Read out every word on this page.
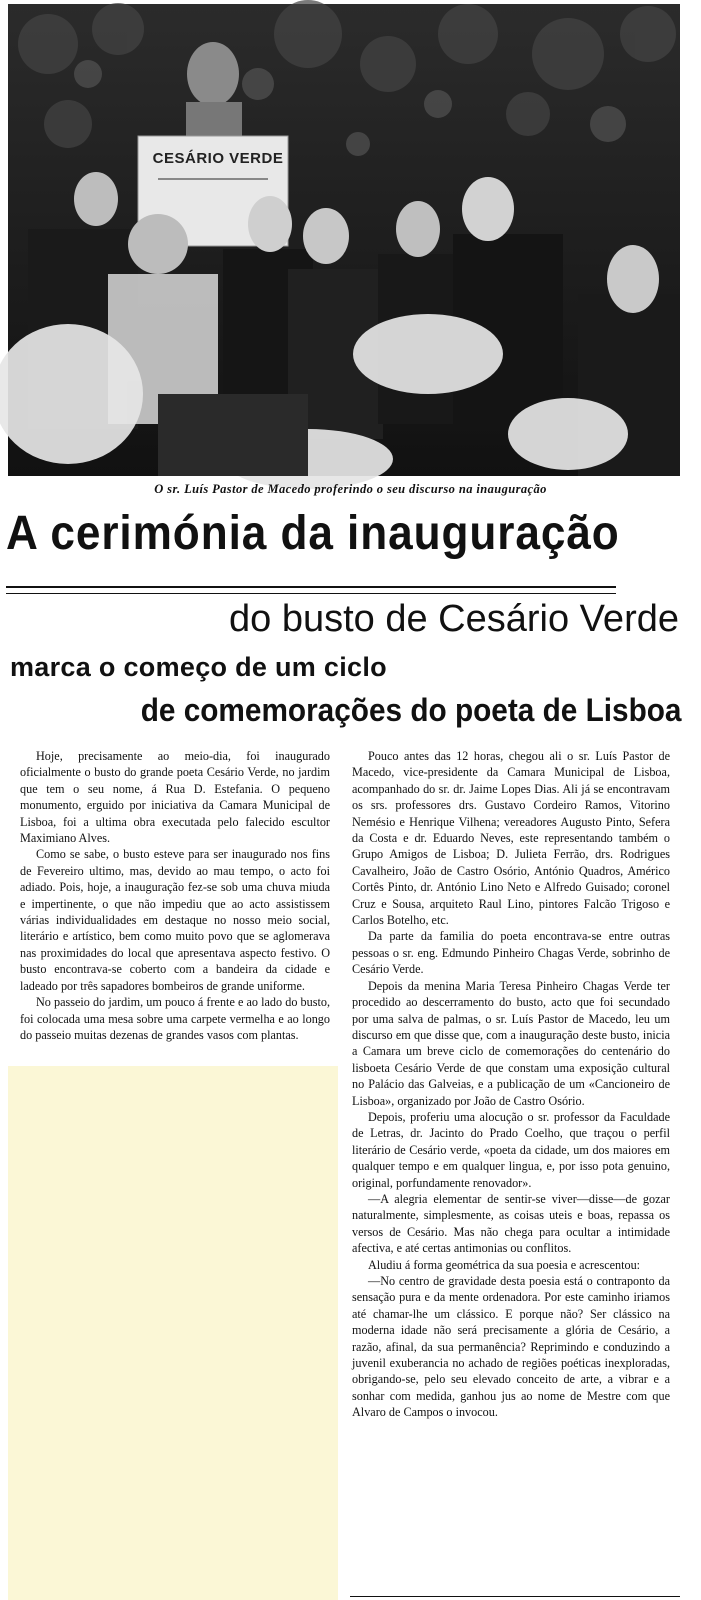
CESÁRIO VERDE
O sr. Luís Pastor de Macedo proferindo o seu discurso na inauguração
A cerimónia da inauguração
do busto de Cesário Verde
marca o começo de um ciclo
de comemorações do poeta de Lisboa

Hoje, precisamente ao meio-dia, foi inaugurado oficialmente o busto do grande poeta Cesário Verde, no jardim que tem o seu nome, á Rua D. Estefania. O pequeno monumento, erguido por iniciativa da Camara Municipal de Lisboa, foi a ultima obra executada pelo falecido escultor Maximiano Alves.

Como se sabe, o busto esteve para ser inaugurado nos fins de Fevereiro ultimo, mas, devido ao mau tempo, o acto foi adiado. Pois, hoje, a inauguração fez-se sob uma chuva miuda e impertinente, o que não impediu que ao acto assistissem várias individualidades em destaque no nosso meio social, literário e artístico, bem como muito povo que se aglomerava nas proximidades do local que apresentava aspecto festivo. O busto encontrava-se coberto com a bandeira da cidade e ladeado por três sapadores bombeiros de grande uniforme.

No passeio do jardim, um pouco á frente e ao lado do busto, foi colocada uma mesa sobre uma carpete vermelha e ao longo do passeio muitas dezenas de grandes vasos com plantas.

Pouco antes das 12 horas, chegou ali o sr. Luís Pastor de Macedo, vice-presidente da Camara Municipal de Lisboa, acompanhado do sr. dr. Jaime Lopes Dias. Ali já se encontravam os srs. professores drs. Gustavo Cordeiro Ramos, Vitorino Nemésio e Henrique Vilhena; vereadores Augusto Pinto, Sefera da Costa e dr. Eduardo Neves, este representando também o Grupo Amigos de Lisboa; D. Julieta Ferrão, drs. Rodrigues Cavalheiro, João de Castro Osório, António Quadros, Américo Cortês Pinto, dr. António Lino Neto e Alfredo Guisado; coronel Cruz e Sousa, arquiteto Raul Lino, pintores Falcão Trigoso e Carlos Botelho, etc.

Da parte da familia do poeta encontrava-se entre outras pessoas o sr. eng. Edmundo Pinheiro Chagas Verde, sobrinho de Cesário Verde.

Depois da menina Maria Teresa Pinheiro Chagas Verde ter procedido ao descerramento do busto, acto que foi secundado por uma salva de palmas, o sr. Luís Pastor de Macedo, leu um discurso em que disse que, com a inauguração deste busto, inicia a Camara um breve ciclo de comemorações do centenário do lisboeta Cesário Verde de que constam uma exposição cultural no Palácio das Galveias, e a publicação de um «Cancioneiro de Lisboa», organizado por João de Castro Osório.

Depois, proferiu uma alocução o sr. professor da Faculdade de Letras, dr. Jacinto do Prado Coelho, que traçou o perfil literário de Cesário verde, «poeta da cidade, um dos maiores em qualquer tempo e em qualquer lingua, e, por isso pota genuino, original, porfundamente renovador».

—A alegria elementar de sentir-se viver—disse—de gozar naturalmente, simplesmente, as coisas uteis e boas, repassa os versos de Cesário. Mas não chega para ocultar a intimidade afectiva, e até certas antimonias ou conflitos.

Aludiu á forma geométrica da sua poesia e acrescentou:

—No centro de gravidade desta poesia está o contraponto da sensação pura e da mente ordenadora. Por este caminho iriamos até chamar-lhe um clássico. E porque não? Ser clássico na moderna idade não será precisamente a glória de Cesário, a razão, afinal, da sua permanência? Reprimindo e conduzindo a juvenil exuberancia no achado de regiões poéticas inexploradas, obrigando-se, pelo seu elevado conceito de arte, a vibrar e a sonhar com medida, ganhou jus ao nome de Mestre com que Alvaro de Campos o invocou.
